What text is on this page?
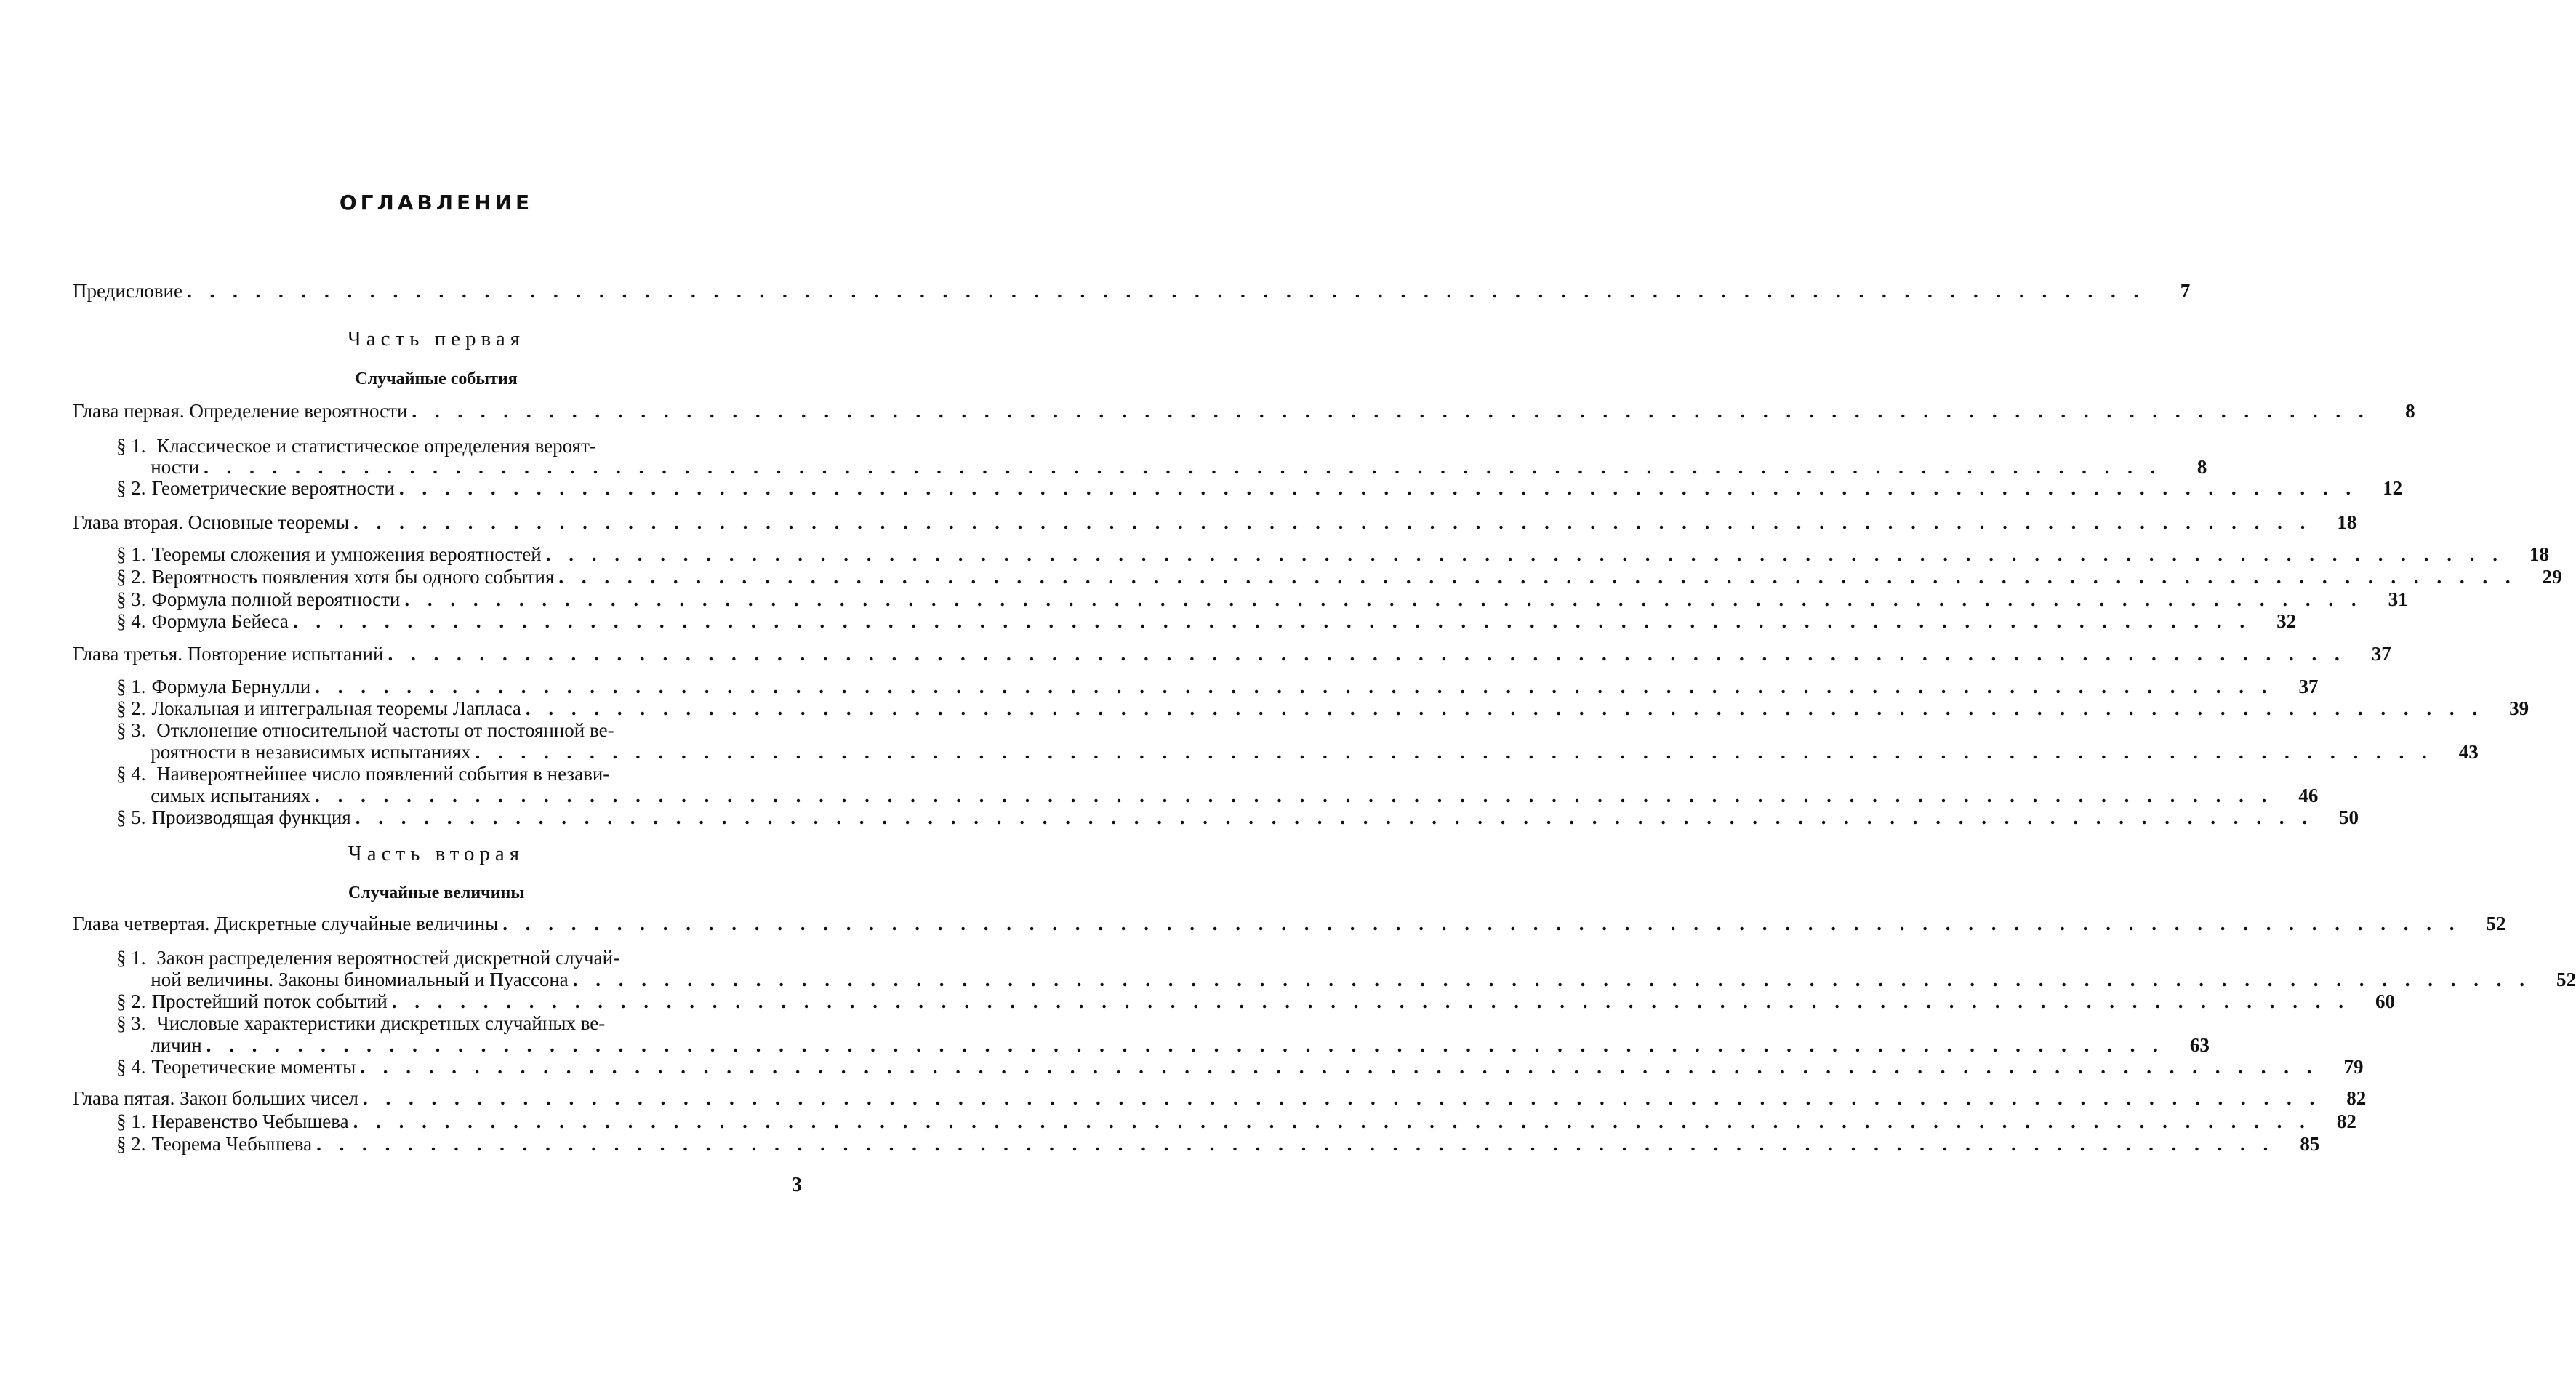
ОГЛАВЛЕНИЕ
Предисловие . . .	7
Часть первая
Случайные события
Глава первая. Определение вероятности . . .	8
§ 1. Классическое и статистическое определения вероят-
ности . . .	8
§ 2. Геометрические вероятности . . .	12
Глава вторая. Основные теоремы . . .	18
§ 1. Теоремы сложения и умножения вероятностей . . .	18
§ 2. Вероятность появления хотя бы одного события . . .	29
§ 3. Формула полной вероятности . . .	31
§ 4. Формула Бейеса . . .	32
Глава третья. Повторение испытаний . . .	37
§ 1. Формула Бернулли . . .	37
§ 2. Локальная и интегральная теоремы Лапласа . . .	39
§ 3. Отклонение относительной частоты от постоянной ве-
роятности в независимых испытаниях . . .	43
§ 4. Наивероятнейшее число появлений события в незави-
симых испытаниях . . .	46
§ 5. Производящая функция . . .	50
Часть вторая
Случайные величины
Глава четвертая. Дискретные случайные величины . . .	52
§ 1. Закон распределения вероятностей дискретной случай-
ной величины. Законы биномиальный и Пуассона . . .	52
§ 2. Простейший поток событий . . .	60
§ 3. Числовые характеристики дискретных случайных ве-
личин . . .	63
§ 4. Теоретические моменты . . .	79
Глава пятая. Закон больших чисел . . .	82
§ 1. Неравенство Чебышева . . .	82
§ 2. Теорема Чебышева . . .	85
3
